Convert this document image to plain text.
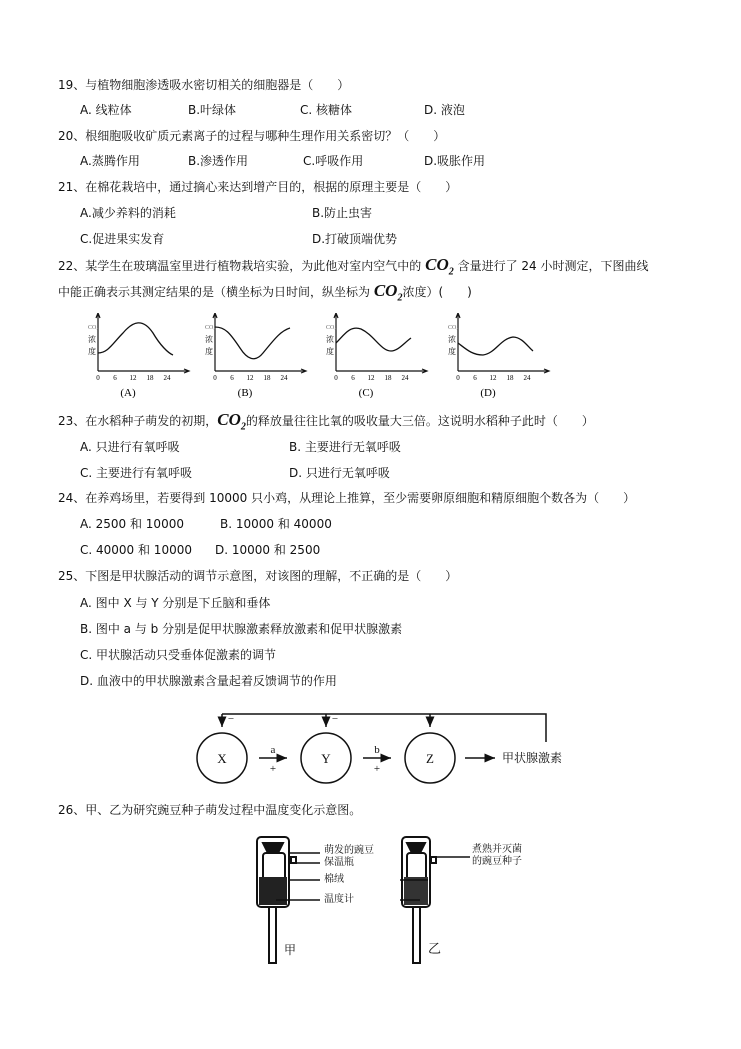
19、与植物细胞渗透吸水密切相关的细胞器是（　　）
A. 线粒体	B.叶绿体	C. 核糖体	D. 液泡
20、根细胞吸收矿质元素离子的过程与哪种生理作用关系密切？（　　）
A.蒸腾作用	B.渗透作用	C.呼吸作用	D.吸胀作用
21、在棉花栽培中，通过摘心来达到增产目的，根据的原理主要是（　　）
A.减少养料的消耗	B.防止虫害
C.促进果实发育	D.打破顶端优势
22、某学生在玻璃温室里进行植物栽培实验，为此他对室内空气中的 $CO_2$ 含量进行了 24 小时测定，下图曲线
中能正确表示其测定结果的是（横坐标为日时间，纵坐标为 $CO_2$浓度）(　　)
0 6 12 18 24
CO₂
浓
度
(A)
0 6 12 18 24
CO₂
浓
度
(B)
0 6 12 18 24
CO₂
浓
度
(C)
0 6 12 18 24
CO₂
浓
度
(D)
23、在水稻种子萌发的初期，$CO_2$的释放量往往比氧的吸收量大三倍。这说明水稻种子此时（　　）
A. 只进行有氧呼吸	B. 主要进行无氧呼吸
C. 主要进行有氧呼吸	D. 只进行无氧呼吸
24、在养鸡场里，若要得到 10000 只小鸡，从理论上推算，至少需要卵原细胞和精原细胞个数各为（　　）
A. 2500 和 10000	B. 10000 和 40000
C. 40000 和 10000 D. 10000 和 2500
25、下图是甲状腺活动的调节示意图，对该图的理解，不正确的是（　　）
A. 图中 X 与 Y 分别是下丘脑和垂体
B. 图中 a 与 b 分别是促甲状腺激素释放激素和促甲状腺激素
C. 甲状腺活动只受垂体促激素的调节
D. 血液中的甲状腺激素含量起着反馈调节的作用
X	Y	Z
a
+
b
+
−	−
甲状腺激素
26、甲、乙为研究豌豆种子萌发过程中温度变化示意图。
萌发的豌豆
保温瓶
棉绒
温度计
煮熟并灭菌
的豌豆种子
甲	乙
